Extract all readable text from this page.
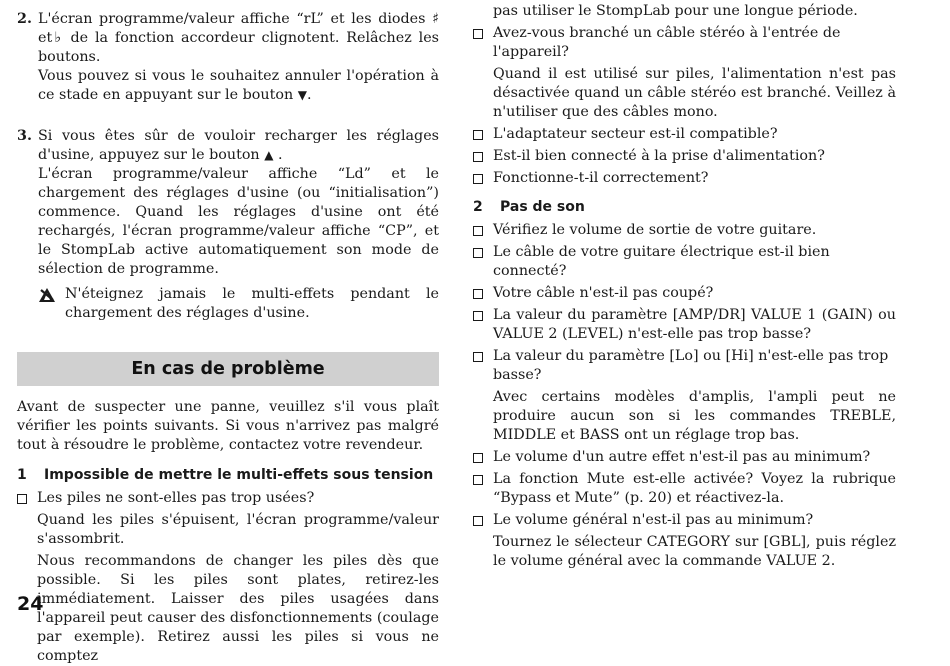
2. L'écran programme/valeur affiche “rL” et les diodes ♯ et♭ de la fonction accordeur clignotent. Relâchez les boutons.

Vous pouvez si vous le souhaitez annuler l'opération à ce stade en appuyant sur le bouton ▼.

3. Si vous êtes sûr de vouloir recharger les réglages d'usine, appuyez sur le bouton ▲ .

L'écran programme/valeur affiche “Ld” et le chargement des réglages d'usine (ou “initialisation”) commence. Quand les réglages d'usine ont été rechargés, l'écran programme/valeur affiche “CP”, et le StompLab active automatiquement son mode de sélection de programme.

N'éteignez jamais le multi-effets pendant le chargement des réglages d'usine.

En cas de problème

Avant de suspecter une panne, veuillez s'il vous plaît vérifier les points suivants. Si vous n'arrivez pas malgré tout à résoudre le problème, contactez votre revendeur.

1	Impossible de mettre le multi-effets sous tension

Les piles ne sont-elles pas trop usées?

Quand les piles s'épuisent, l'écran programme/valeur s'assombrit.

Nous recommandons de changer les piles dès que possible. Si les piles sont plates, retirez-les immédiatement. Laisser des piles usagées dans l'appareil peut causer des disfonctionnements (coulage par exemple). Retirez aussi les piles si vous ne comptez

pas utiliser le StompLab pour une longue période.

Avez-vous branché un câble stéréo à l'entrée de l'appareil?

Quand il est utilisé sur piles, l'alimentation n'est pas désactivée quand un câble stéréo est branché. Veillez à n'utiliser que des câbles mono.

L'adaptateur secteur est-il compatible?

Est-il bien connecté à la prise d'alimentation?

Fonctionne-t-il correctement?

2	Pas de son

Vérifiez le volume de sortie de votre guitare.

Le câble de votre guitare électrique est-il bien connecté?

Votre câble n'est-il pas coupé?

La valeur du paramètre [AMP/DR] VALUE 1 (GAIN) ou VALUE 2 (LEVEL) n'est-elle pas trop basse?

La valeur du paramètre [Lo] ou [Hi] n'est-elle pas trop basse?

Avec certains modèles d'amplis, l'ampli peut ne produire aucun son si les commandes TREBLE, MIDDLE et BASS ont un réglage trop bas.

Le volume d'un autre effet n'est-il pas au minimum?

La fonction Mute est-elle activée? Voyez la rubrique “Bypass et Mute” (p. 20) et réactivez-la.

Le volume général n'est-il pas au minimum?

Tournez le sélecteur CATEGORY sur [GBL], puis réglez le volume général avec la commande VALUE 2.

24
